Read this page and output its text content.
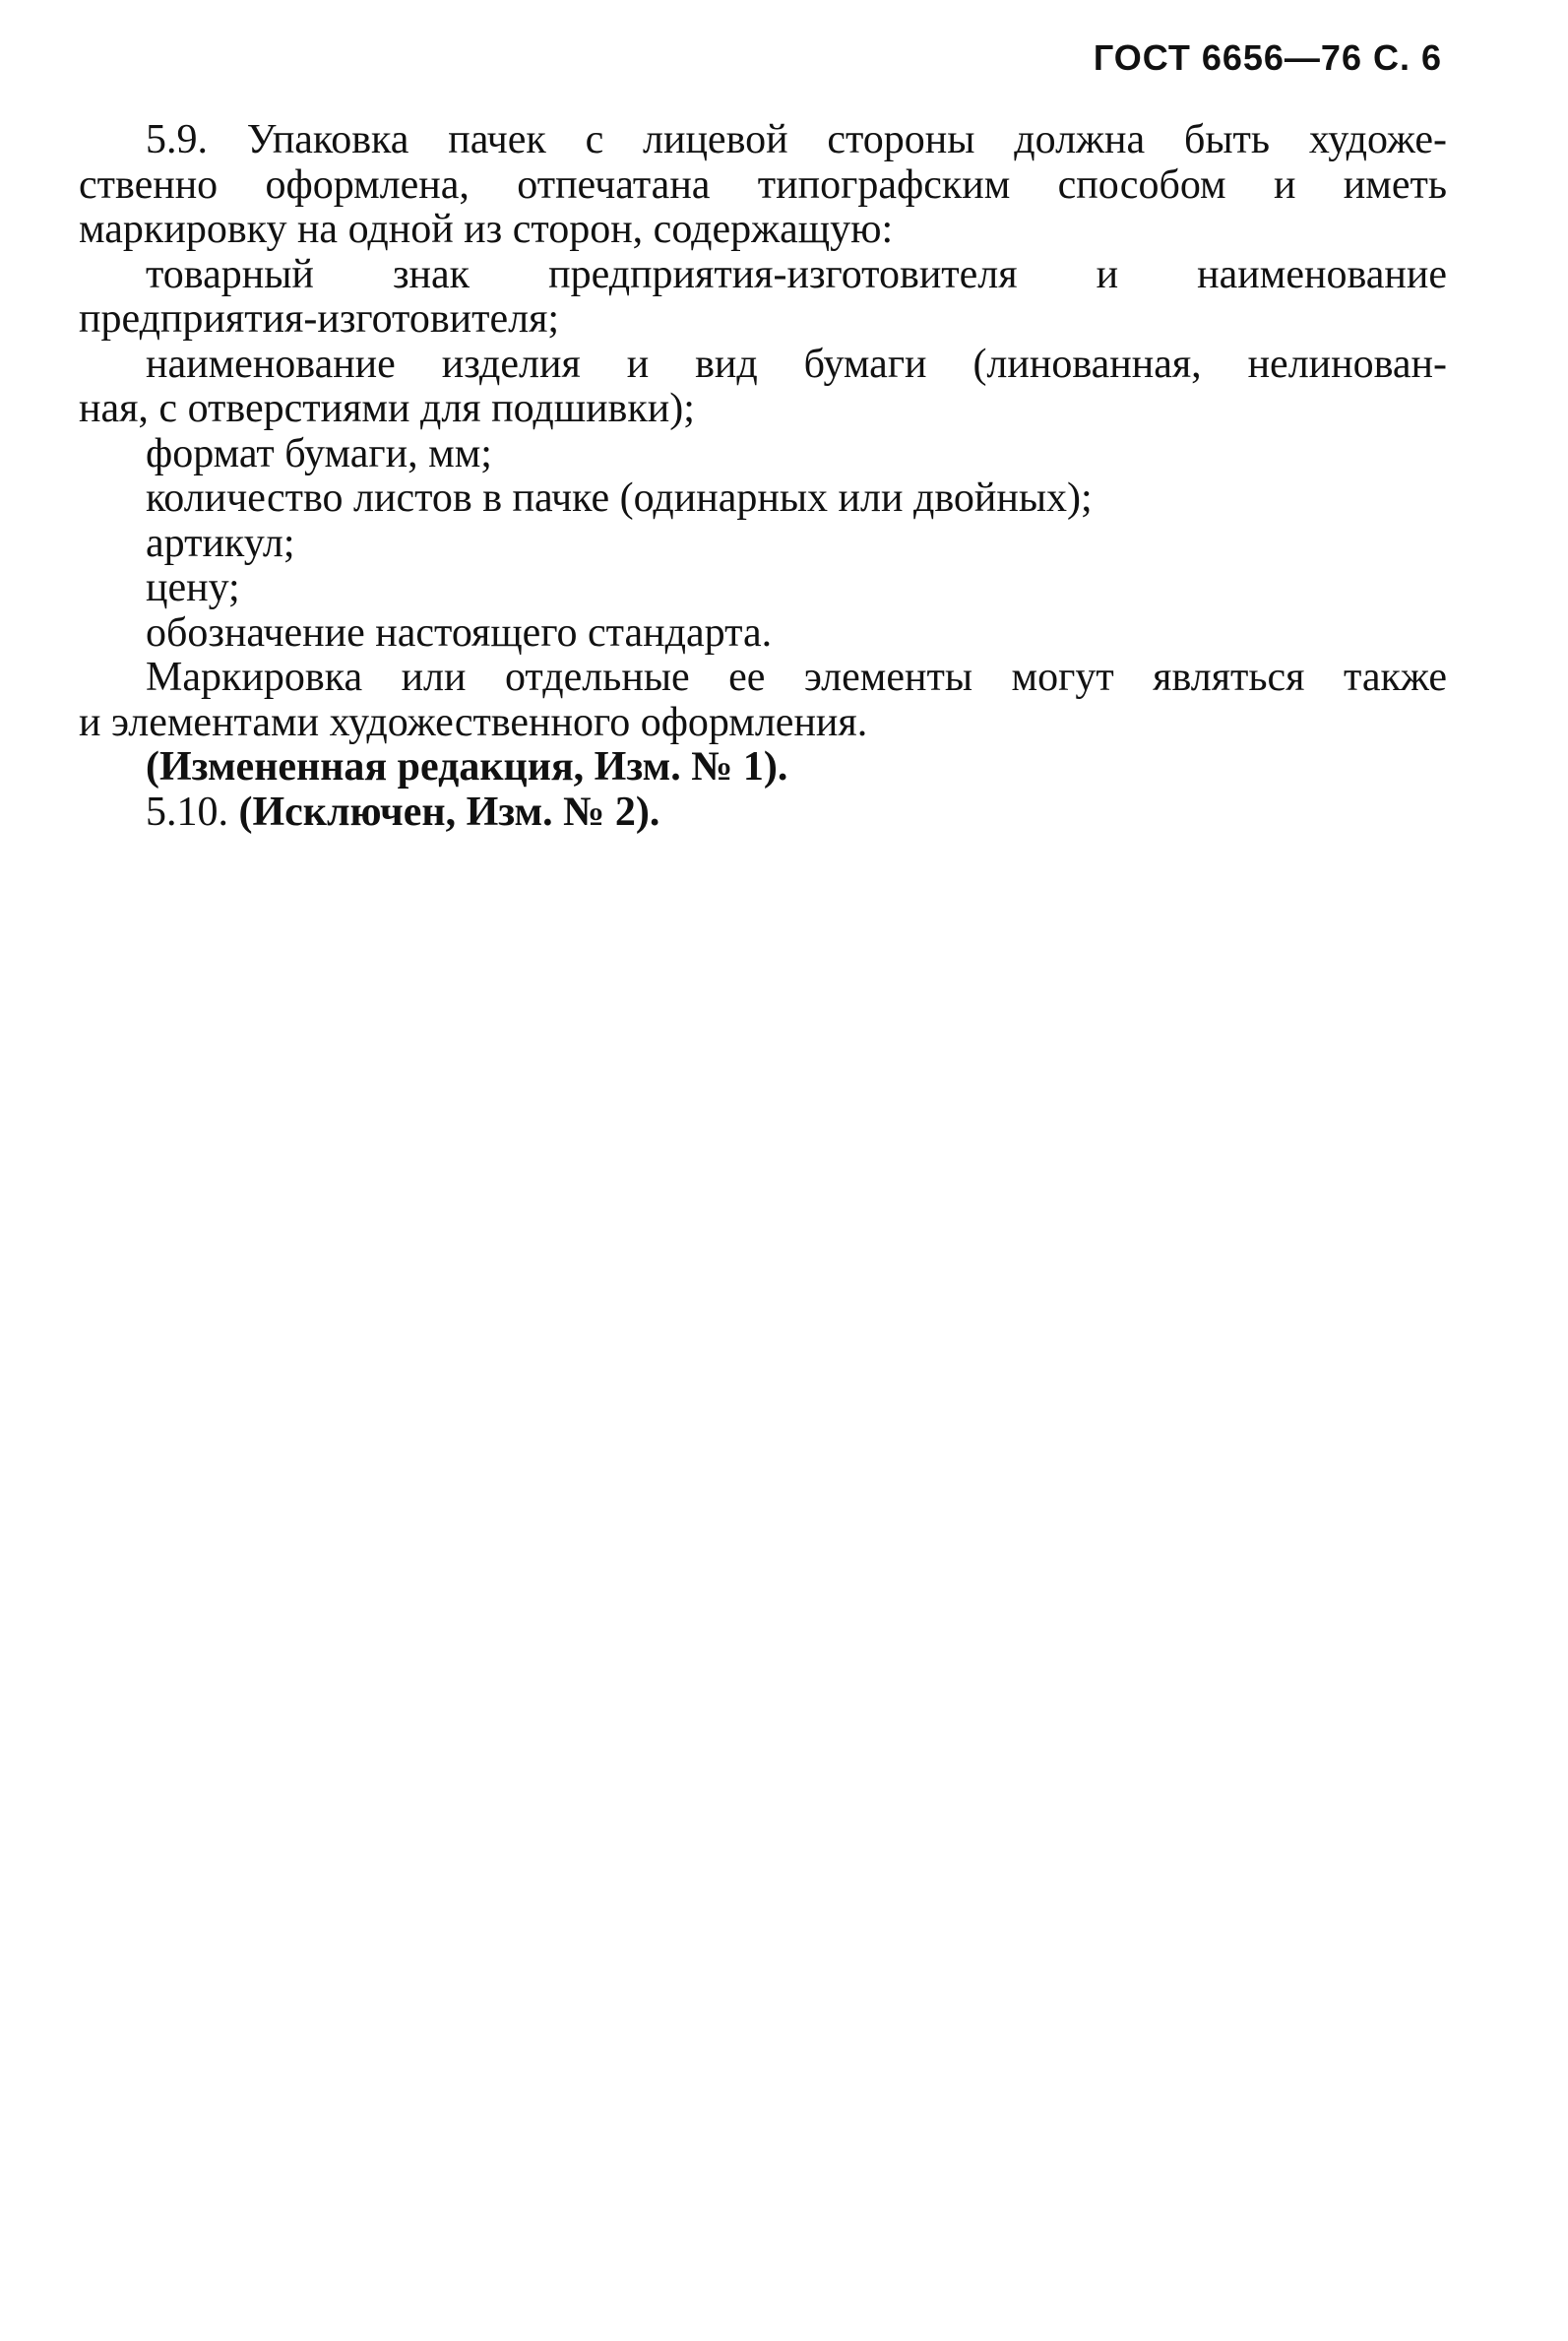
ГОСТ 6656—76 С. 6
5.9. Упаковка пачек с лицевой стороны должна быть художе-
ственно оформлена, отпечатана типографским способом и иметь
маркировку на одной из сторон, содержащую:
товарный знак предприятия-изготовителя и наименование
предприятия-изготовителя;
наименование изделия и вид бумаги (линованная, нелинован-
ная, с отверстиями для подшивки);
формат бумаги, мм;
количество листов в пачке (одинарных или двойных);
артикул;
цену;
обозначение настоящего стандарта.
Маркировка или отдельные ее элементы могут являться также
и элементами художественного оформления.
(Измененная редакция, Изм. № 1).
5.10. (Исключен, Изм. № 2).
